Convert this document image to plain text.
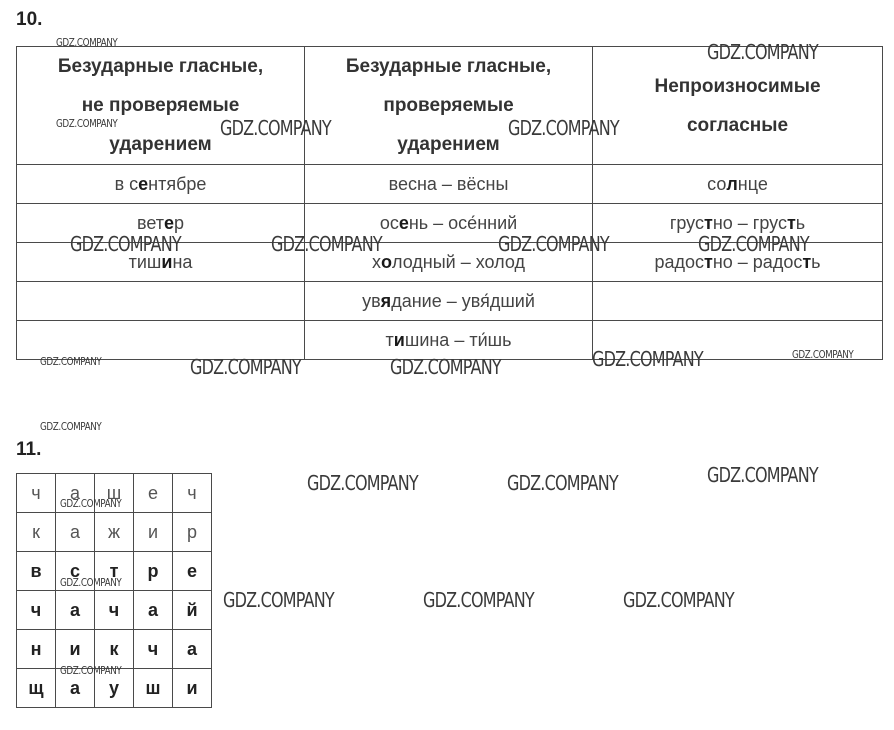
10.
Безударные гласные,
не проверяемые
ударением	Безударные гласные,
проверяемые
ударением	Непроизносимые
согласные
в сентябре	весна – вёсны	солнце
ветер	осень – осе́нний	грустно – грусть
тишина	холодный – холод	радостно – радость
	увядание – увя́дший	
	тишина – ти́шь	
11.
ч	а	ш	е	ч
к	а	ж	и	р
в	с	т	р	е
ч	а	ч	а	й
н	и	к	ч	а
щ	а	у	ш	и
GDZ.COMPANY	GDZ.COMPANY
GDZ.COMPANY	GDZ.COMPANY	GDZ.COMPANY
GDZ.COMPANY	GDZ.COMPANY	GDZ.COMPANY	GDZ.COMPANY
GDZ.COMPANY	GDZ.COMPANY	GDZ.COMPANY	GDZ.COMPANY	GDZ.COMPANY
GDZ.COMPANY
GDZ.COMPANY	GDZ.COMPANY	GDZ.COMPANY
GDZ.COMPANY
GDZ.COMPANY
GDZ.COMPANY	GDZ.COMPANY	GDZ.COMPANY
GDZ.COMPANY
